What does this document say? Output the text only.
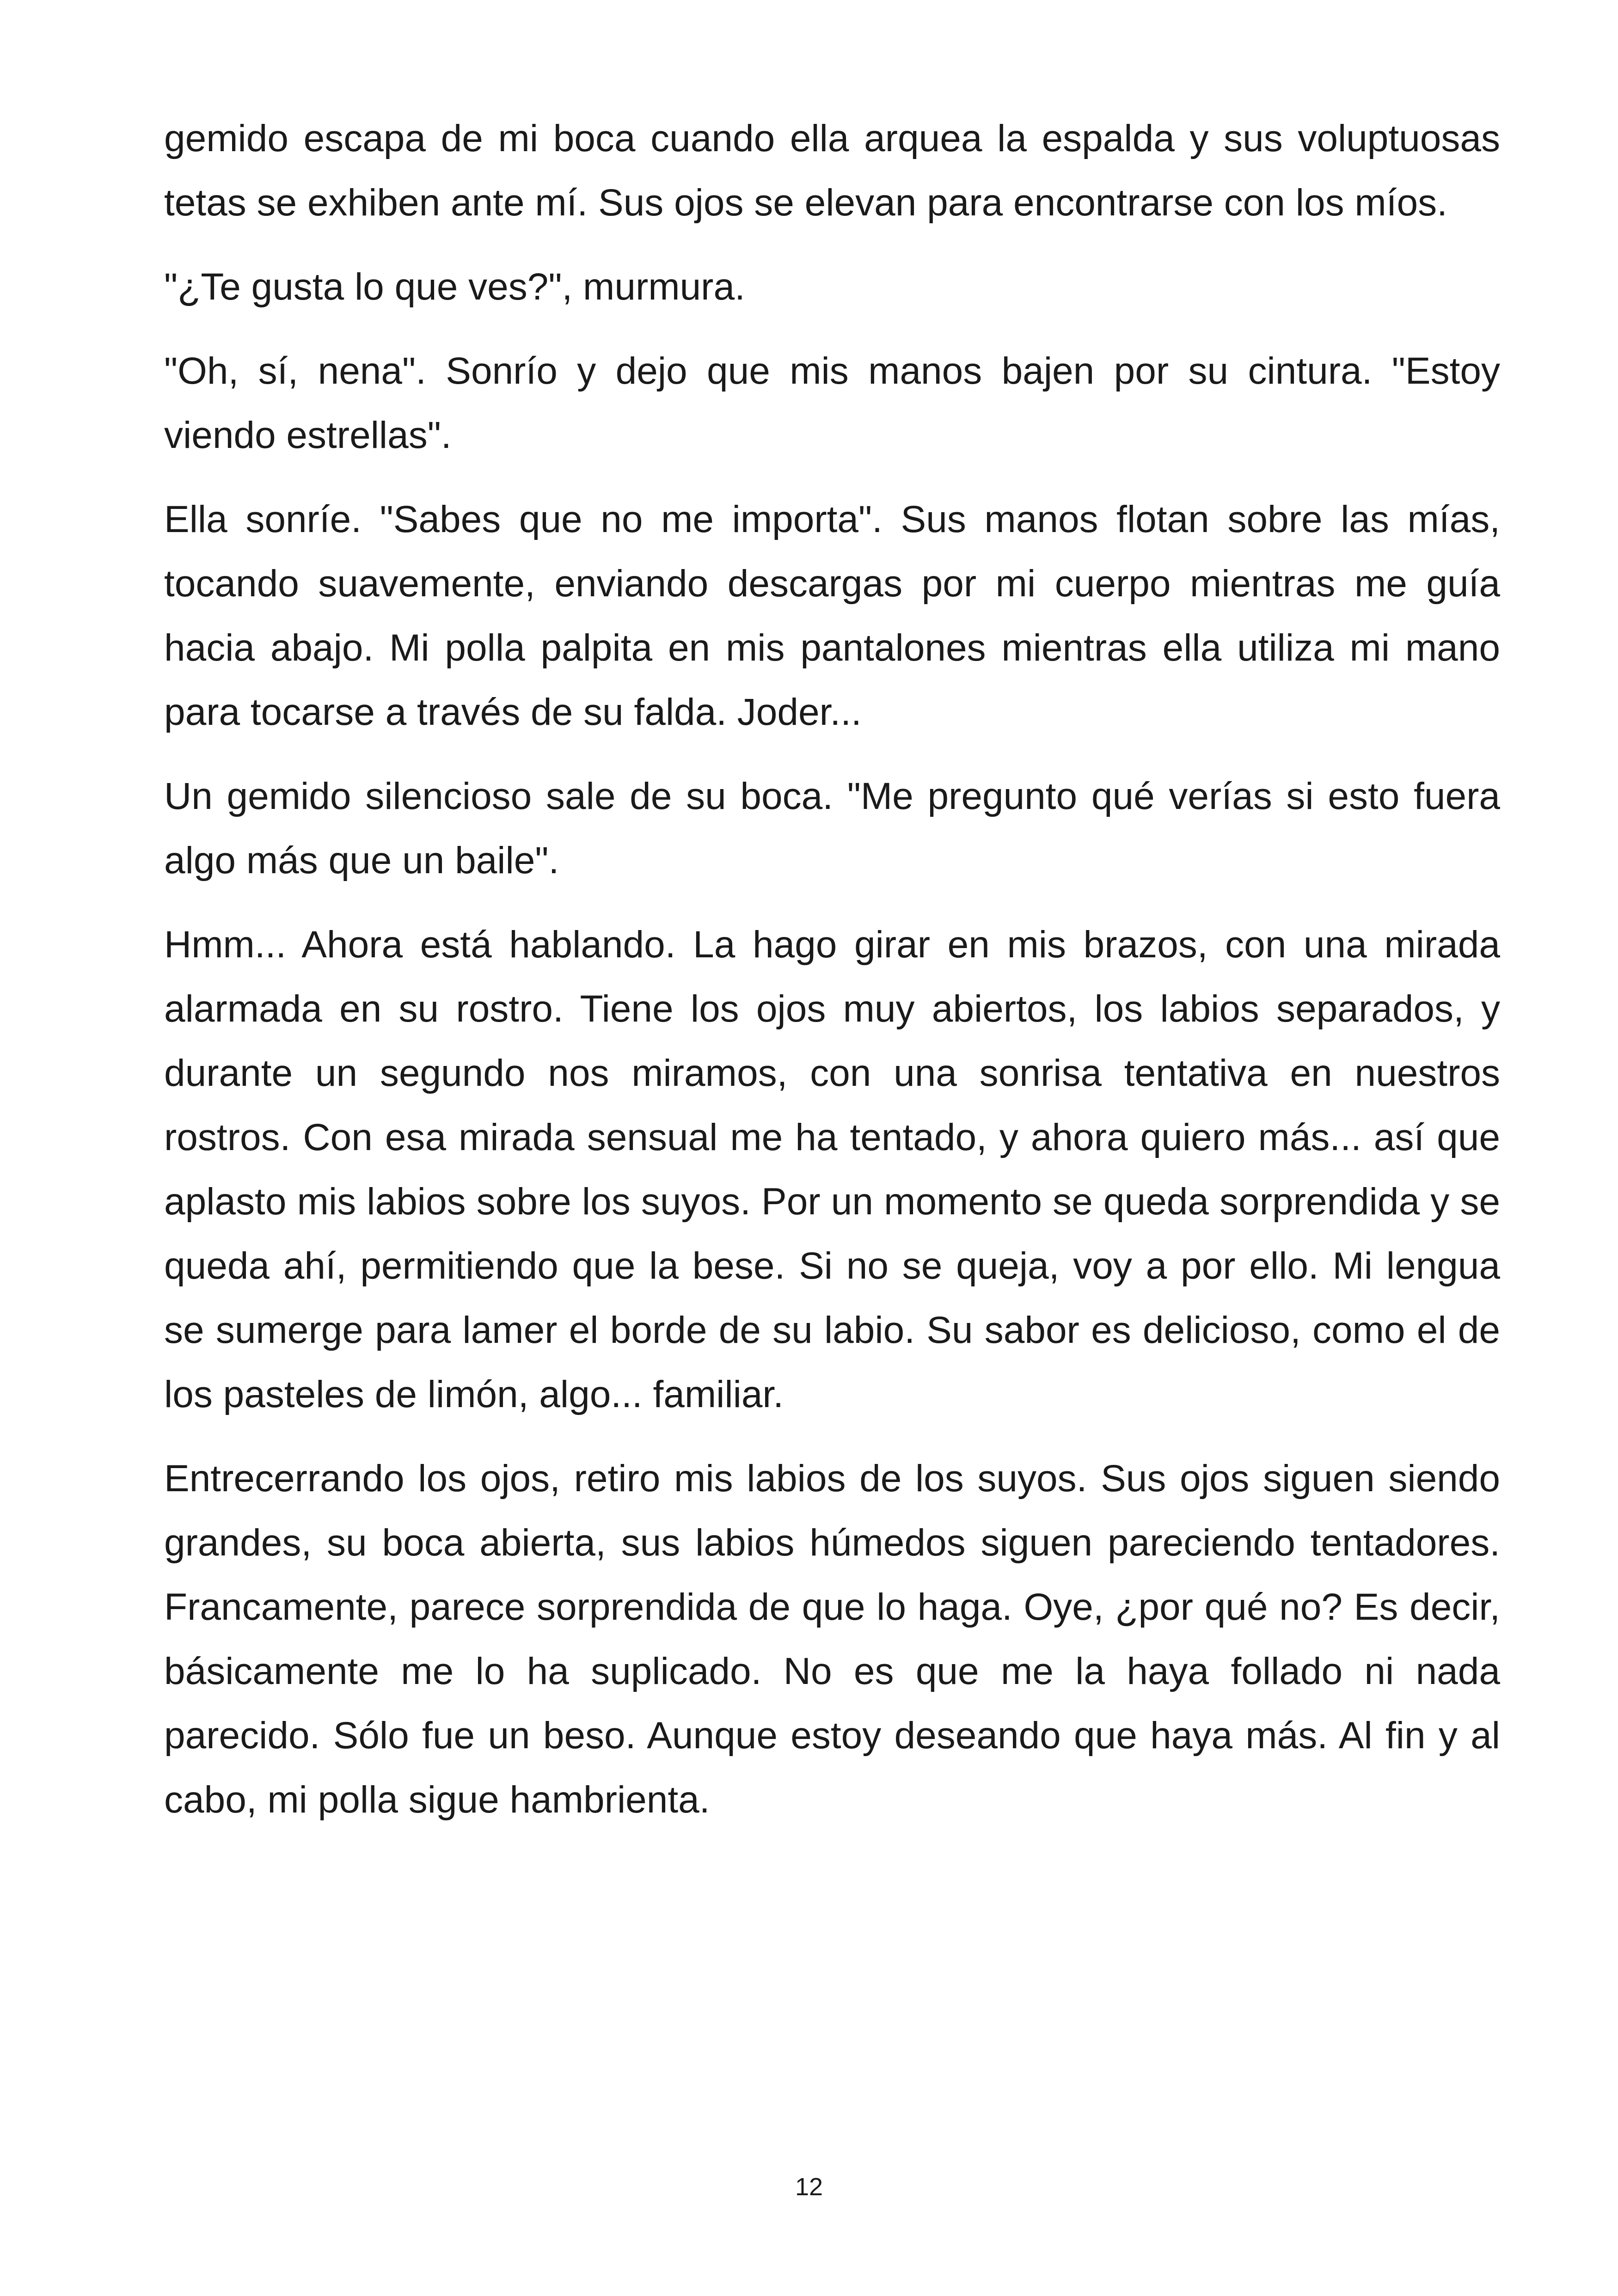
gemido escapa de mi boca cuando ella arquea la espalda y sus voluptuosas tetas se exhiben ante mí. Sus ojos se elevan para encontrarse con los míos.

"¿Te gusta lo que ves?", murmura.

"Oh, sí, nena". Sonrío y dejo que mis manos bajen por su cintura. "Estoy viendo estrellas".

Ella sonríe. "Sabes que no me importa". Sus manos flotan sobre las mías, tocando suavemente, enviando descargas por mi cuerpo mientras me guía hacia abajo. Mi polla palpita en mis pantalones mientras ella utiliza mi mano para tocarse a través de su falda. Joder...

Un gemido silencioso sale de su boca. "Me pregunto qué verías si esto fuera algo más que un baile".

Hmm... Ahora está hablando. La hago girar en mis brazos, con una mirada alarmada en su rostro. Tiene los ojos muy abiertos, los labios separados, y durante un segundo nos miramos, con una sonrisa tentativa en nuestros rostros. Con esa mirada sensual me ha tentado, y ahora quiero más... así que aplasto mis labios sobre los suyos. Por un momento se queda sorprendida y se queda ahí, permitiendo que la bese. Si no se queja, voy a por ello. Mi lengua se sumerge para lamer el borde de su labio. Su sabor es delicioso, como el de los pasteles de limón, algo... familiar.

Entrecerrando los ojos, retiro mis labios de los suyos. Sus ojos siguen siendo grandes, su boca abierta, sus labios húmedos siguen pareciendo tentadores. Francamente, parece sorprendida de que lo haga. Oye, ¿por qué no? Es decir, básicamente me lo ha suplicado. No es que me la haya follado ni nada parecido. Sólo fue un beso. Aunque estoy deseando que haya más. Al fin y al cabo, mi polla sigue hambrienta.

12
